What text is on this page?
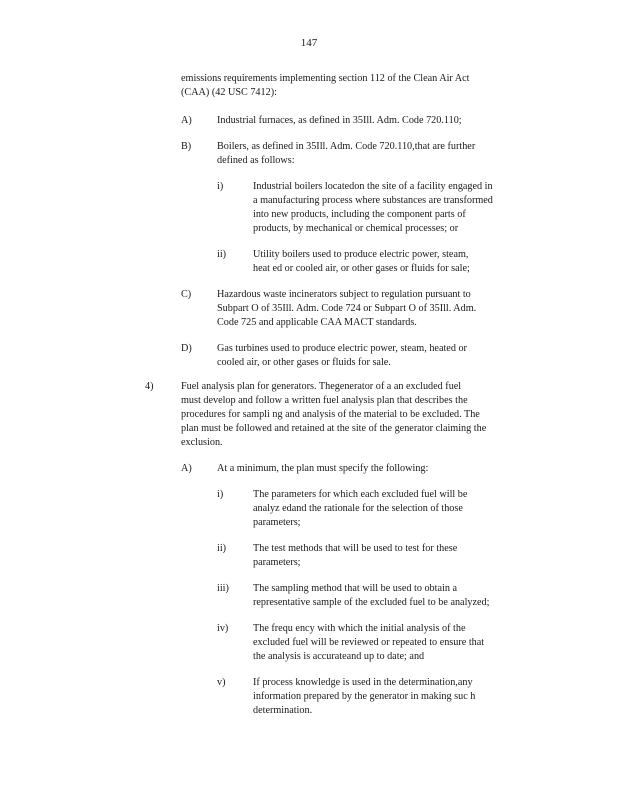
147

emissions requirements implementing section 112 of the Clean Air Act

(CAA) (42 USC 7412):

A) Industrial furnaces, as defined in 35Ill. Adm. Code 720.110;

B)	Boilers, as defined in 35Ill. Adm. Code 720.110,that are further

defined as follows:

i)	Industrial boilers locatedon the site of a facility engaged in

a manufacturing process where substances are transformed

into new products, including the component parts of

products, by mechanical or chemical processes; or

ii)	Utility boilers used to produce electric power, steam,

heat ed or cooled air, or other gases or fluids for sale;

C)	Hazardous waste incinerators subject to regulation pursuant to

Subpart O of 35Ill. Adm. Code 724 or Subpart O of 35Ill. Adm.

Code 725 and applicable CAA MACT standards.

D) Gas turbines used to produce electric power, steam, heated or

cooled air, or other gases or fluids for sale.

4)	Fuel analysis plan for generators. Thegenerator of a an excluded fuel

must develop and follow a written fuel analysis plan that describes the

procedures for sampli ng and analysis of the material to be excluded. The

plan must be followed and retained at the site of the generator claiming the

exclusion.

A) At a minimum, the plan must specify the following:

i)	The parameters for which each excluded fuel will be

analyz edand the rationale for the selection of those

parameters;

ii)	The test methods that will be used to test for these

parameters;

iii) The sampling method that will be used to obtain a

representative sample of the excluded fuel to be analyzed;

iv) The frequ ency with which the initial analysis of the

excluded fuel will be reviewed or repeated to ensure that

the analysis is accurateand up to date; and

v)	If process knowledge is used in the determination,any

information prepared by the generator in making suc h

determination.
